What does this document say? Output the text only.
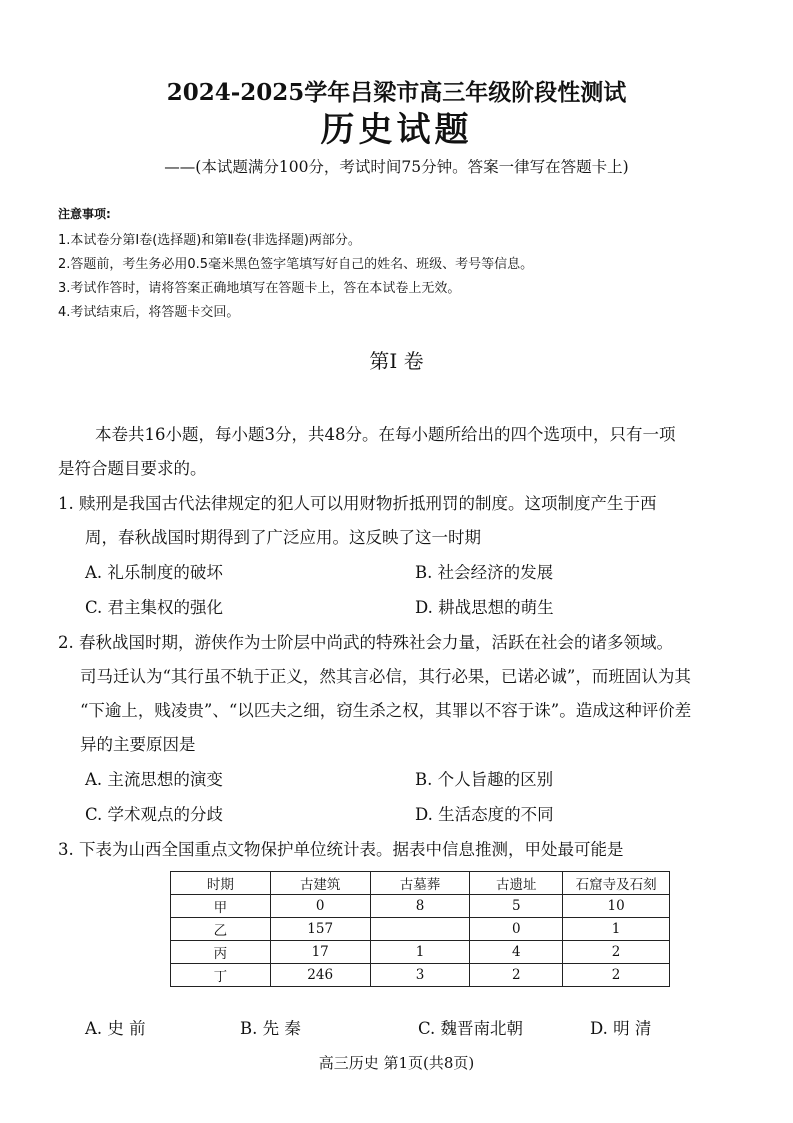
2024-2025学年吕梁市高三年级阶段性测试
历史试题
——(本试题满分100分，考试时间75分钟。答案一律写在答题卡上)
注意事项:
1.本试卷分第Ⅰ卷(选择题)和第Ⅱ卷(非选择题)两部分。
2.答题前，考生务必用0.5毫米黑色签字笔填写好自己的姓名、班级、考号等信息。
3.考试作答时，请将答案正确地填写在答题卡上，答在本试卷上无效。
4.考试结束后，将答题卡交回。
第Ⅰ 卷
本卷共16小题，每小题3分，共48分。在每小题所给出的四个选项中，只有一项
是符合题目要求的。
1. 赎刑是我国古代法律规定的犯人可以用财物折抵刑罚的制度。这项制度产生于西
周，春秋战国时期得到了广泛应用。这反映了这一时期
A. 礼乐制度的破坏	B. 社会经济的发展
C. 君主集权的强化	D. 耕战思想的萌生
2. 春秋战国时期，游侠作为士阶层中尚武的特殊社会力量，活跃在社会的诸多领域。
司马迁认为“其行虽不轨于正义，然其言必信，其行必果，已诺必诚”，而班固认为其
“下逾上，贱凌贵”、“以匹夫之细，窃生杀之权，其罪以不容于诛”。造成这种评价差
异的主要原因是
A. 主流思想的演变	B. 个人旨趣的区别
C. 学术观点的分歧	D. 生活态度的不同
3. 下表为山西全国重点文物保护单位统计表。据表中信息推测，甲处最可能是
时期	古建筑	古墓葬	古遗址	石窟寺及石刻
甲	0	8	5	10
乙	157		0	1
丙	17	1	4	2
丁	246	3	2	2
A. 史 前	B. 先 秦	C. 魏晋南北朝	D. 明 清
高三历史 第1页(共8页)
